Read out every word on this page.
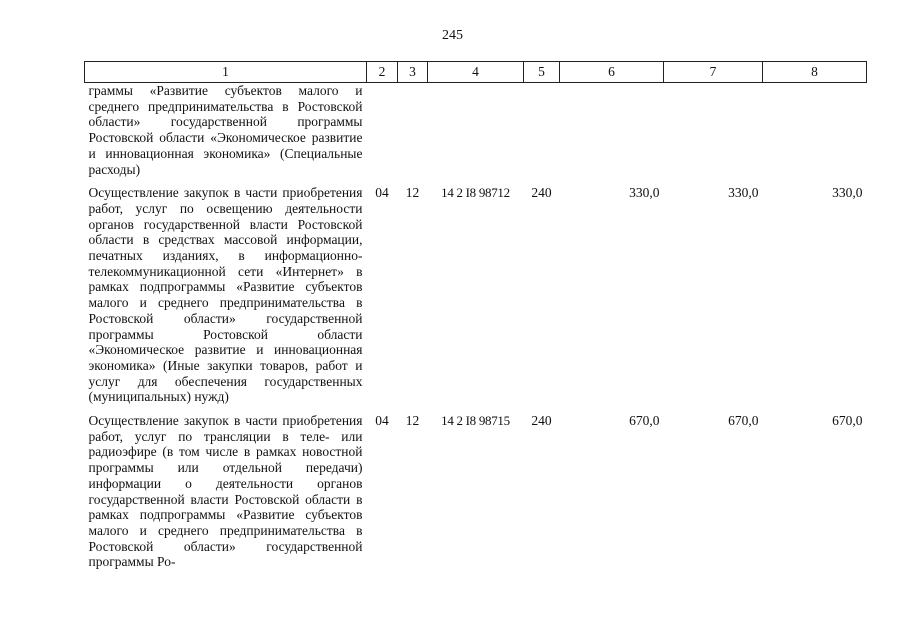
245
1	2	3	4	5	6	7	8
граммы «Развитие субъектов малого и среднего предпринимательства в Ростовской области» государственной программы Ростовской области «Экономическое развитие и инновационная экономика» (Специальные расходы)							
Осуществление закупок в части приобретения работ, услуг по освещению деятельности органов государственной власти Ростовской области в средствах массовой информации, печатных изданиях, в информационно-телекоммуникационной сети «Интернет» в рамках подпрограммы «Развитие субъектов малого и среднего предпринимательства в Ростовской области» государственной программы Ростовской области «Экономическое развитие и инновационная экономика» (Иные закупки товаров, работ и услуг для обеспечения государственных (муниципальных) нужд)	04	12	14 2 I8 98712	240	330,0	330,0	330,0
Осуществление закупок в части приобретения работ, услуг по трансляции в теле- или радиоэфире (в том числе в рамках новостной программы или отдельной передачи) информации о деятельности органов государственной власти Ростовской области в рамках подпрограммы «Развитие субъектов малого и среднего предпринимательства в Ростовской области» государственной программы Ро-	04	12	14 2 I8 98715	240	670,0	670,0	670,0
